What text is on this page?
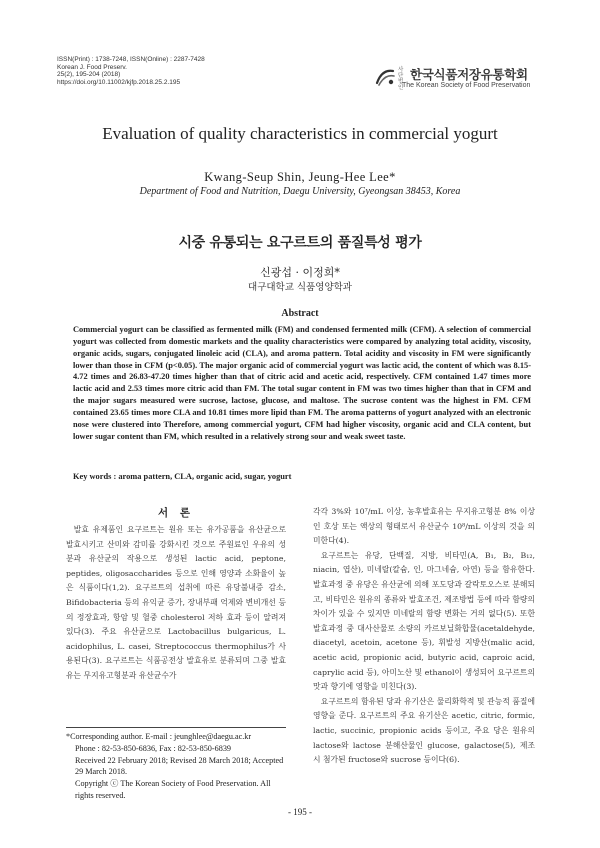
ISSN(Print) : 1738-7248, ISSN(Online) : 2287-7428
Korean J. Food Preserv.
25(2), 195-204 (2018)
https://doi.org/10.11002/kjfp.2018.25.2.195
사단 법인
한국식품저장유통학회
The Korean Society of Food Preservation
Evaluation of quality characteristics in commercial yogurt
Kwang-Seup Shin, Jeung-Hee Lee*
Department of Food and Nutrition, Daegu University, Gyeongsan 38453, Korea
시중 유통되는 요구르트의 품질특성 평가
신광섭 · 이정희*
대구대학교 식품영양학과
Abstract
Commercial yogurt can be classified as fermented milk (FM) and condensed fermented milk (CFM). A selection of commercial yogurt was collected from domestic markets and the quality characteristics were compared by analyzing total acidity, viscosity, organic acids, sugars, conjugated linoleic acid (CLA), and aroma pattern. Total acidity and viscosity in FM were significantly lower than those in CFM (p<0.05). The major organic acid of commercial yogurt was lactic acid, the content of which was 8.15-4.72 times and 26.83-47.20 times higher than that of citric acid and acetic acid, respectively. CFM contained 1.47 times more lactic acid and 2.53 times more citric acid than FM. The total sugar content in FM was two times higher than that in CFM and the major sugars measured were sucrose, lactose, glucose, and maltose. The sucrose content was the highest in FM. CFM contained 23.65 times more CLA and 10.81 times more lipid than FM. The aroma patterns of yogurt analyzed with an electronic nose were clustered into Therefore, among commercial yogurt, CFM had higher viscosity, organic acid and CLA content, but lower sugar content than FM, which resulted in a relatively strong sour and weak sweet taste.
Key words : aroma pattern, CLA, organic acid, sugar, yogurt
서 론

발효 유제품인 요구르트는 원유 또는 유가공품을 유산균으로 발효시키고 산미와 감미를 강화시킨 것으로 주원료인 우유의 성분과 유산균의 작용으로 생성된 lactic acid, peptone, peptides, oligosaccharides 등으로 인해 영양과 소화율이 높은 식품이다(1,2). 요구르트의 섭취에 따른 유당불내증 감소, Bifidobacteria 등의 유익균 증가, 장내부패 억제와 변비개선 등의 정장효과, 항암 및 혈중 cholesterol 저하 효과 등이 알려져 있다(3). 주요 유산균으로 Lactobacillus bulgaricus, L. acidophilus, L. casei, Streptococcus thermophilus가 사용된다(3). 요구르트는 식품공전상 발효유로 분류되며 그중 발효유는 무지유고형분과 유산균수가

각각 3%와 10⁷/mL 이상, 농후발효유는 무지유고형분 8% 이상인 호상 또는 액상의 형태로서 유산균수 10⁸/mL 이상의 것을 의미한다(4).

요구르트는 유당, 단백질, 지방, 비타민(A, B₁, B₂, B₁₂, niacin, 엽산), 미네랄(칼슘, 인, 마그네슘, 아연) 등을 함유한다. 발효과정 중 유당은 유산균에 의해 포도당과 갈락토오스로 분해되고, 비타민은 원유의 종류와 발효조건, 제조방법 등에 따라 함량의 차이가 있을 수 있지만 미네랄의 함량 변화는 거의 없다(5). 또한 발효과정 중 대사산물로 소량의 카르보닐화합물(acetaldehyde, diacetyl, acetoin, acetone 등), 휘발성 지방산(malic acid, acetic acid, propionic acid, butyric acid, caproic acid, caprylic acid 등), 아미노산 및 ethanol이 생성되어 요구르트의 맛과 향기에 영향을 미친다(3).

요구르트의 함유된 당과 유기산은 물리화학적 및 관능적 품질에 영향을 준다. 요구르트의 주요 유기산은 acetic, citric, formic, lactic, succinic, propionic acids 등이고, 주요 당은 원유의 lactose와 lactose 분해산물인 glucose, galactose(5), 제조 시 첨가된 fructose와 sucrose 등이다(6).

*Corresponding author. E-mail : jeunghlee@daegu.ac.kr
Phone : 82-53-850-6836, Fax : 82-53-850-6839
Received 22 February 2018; Revised 28 March 2018; Accepted 29 March 2018.
Copyright ⓒ The Korean Society of Food Preservation. All rights reserved.
- 195 -
